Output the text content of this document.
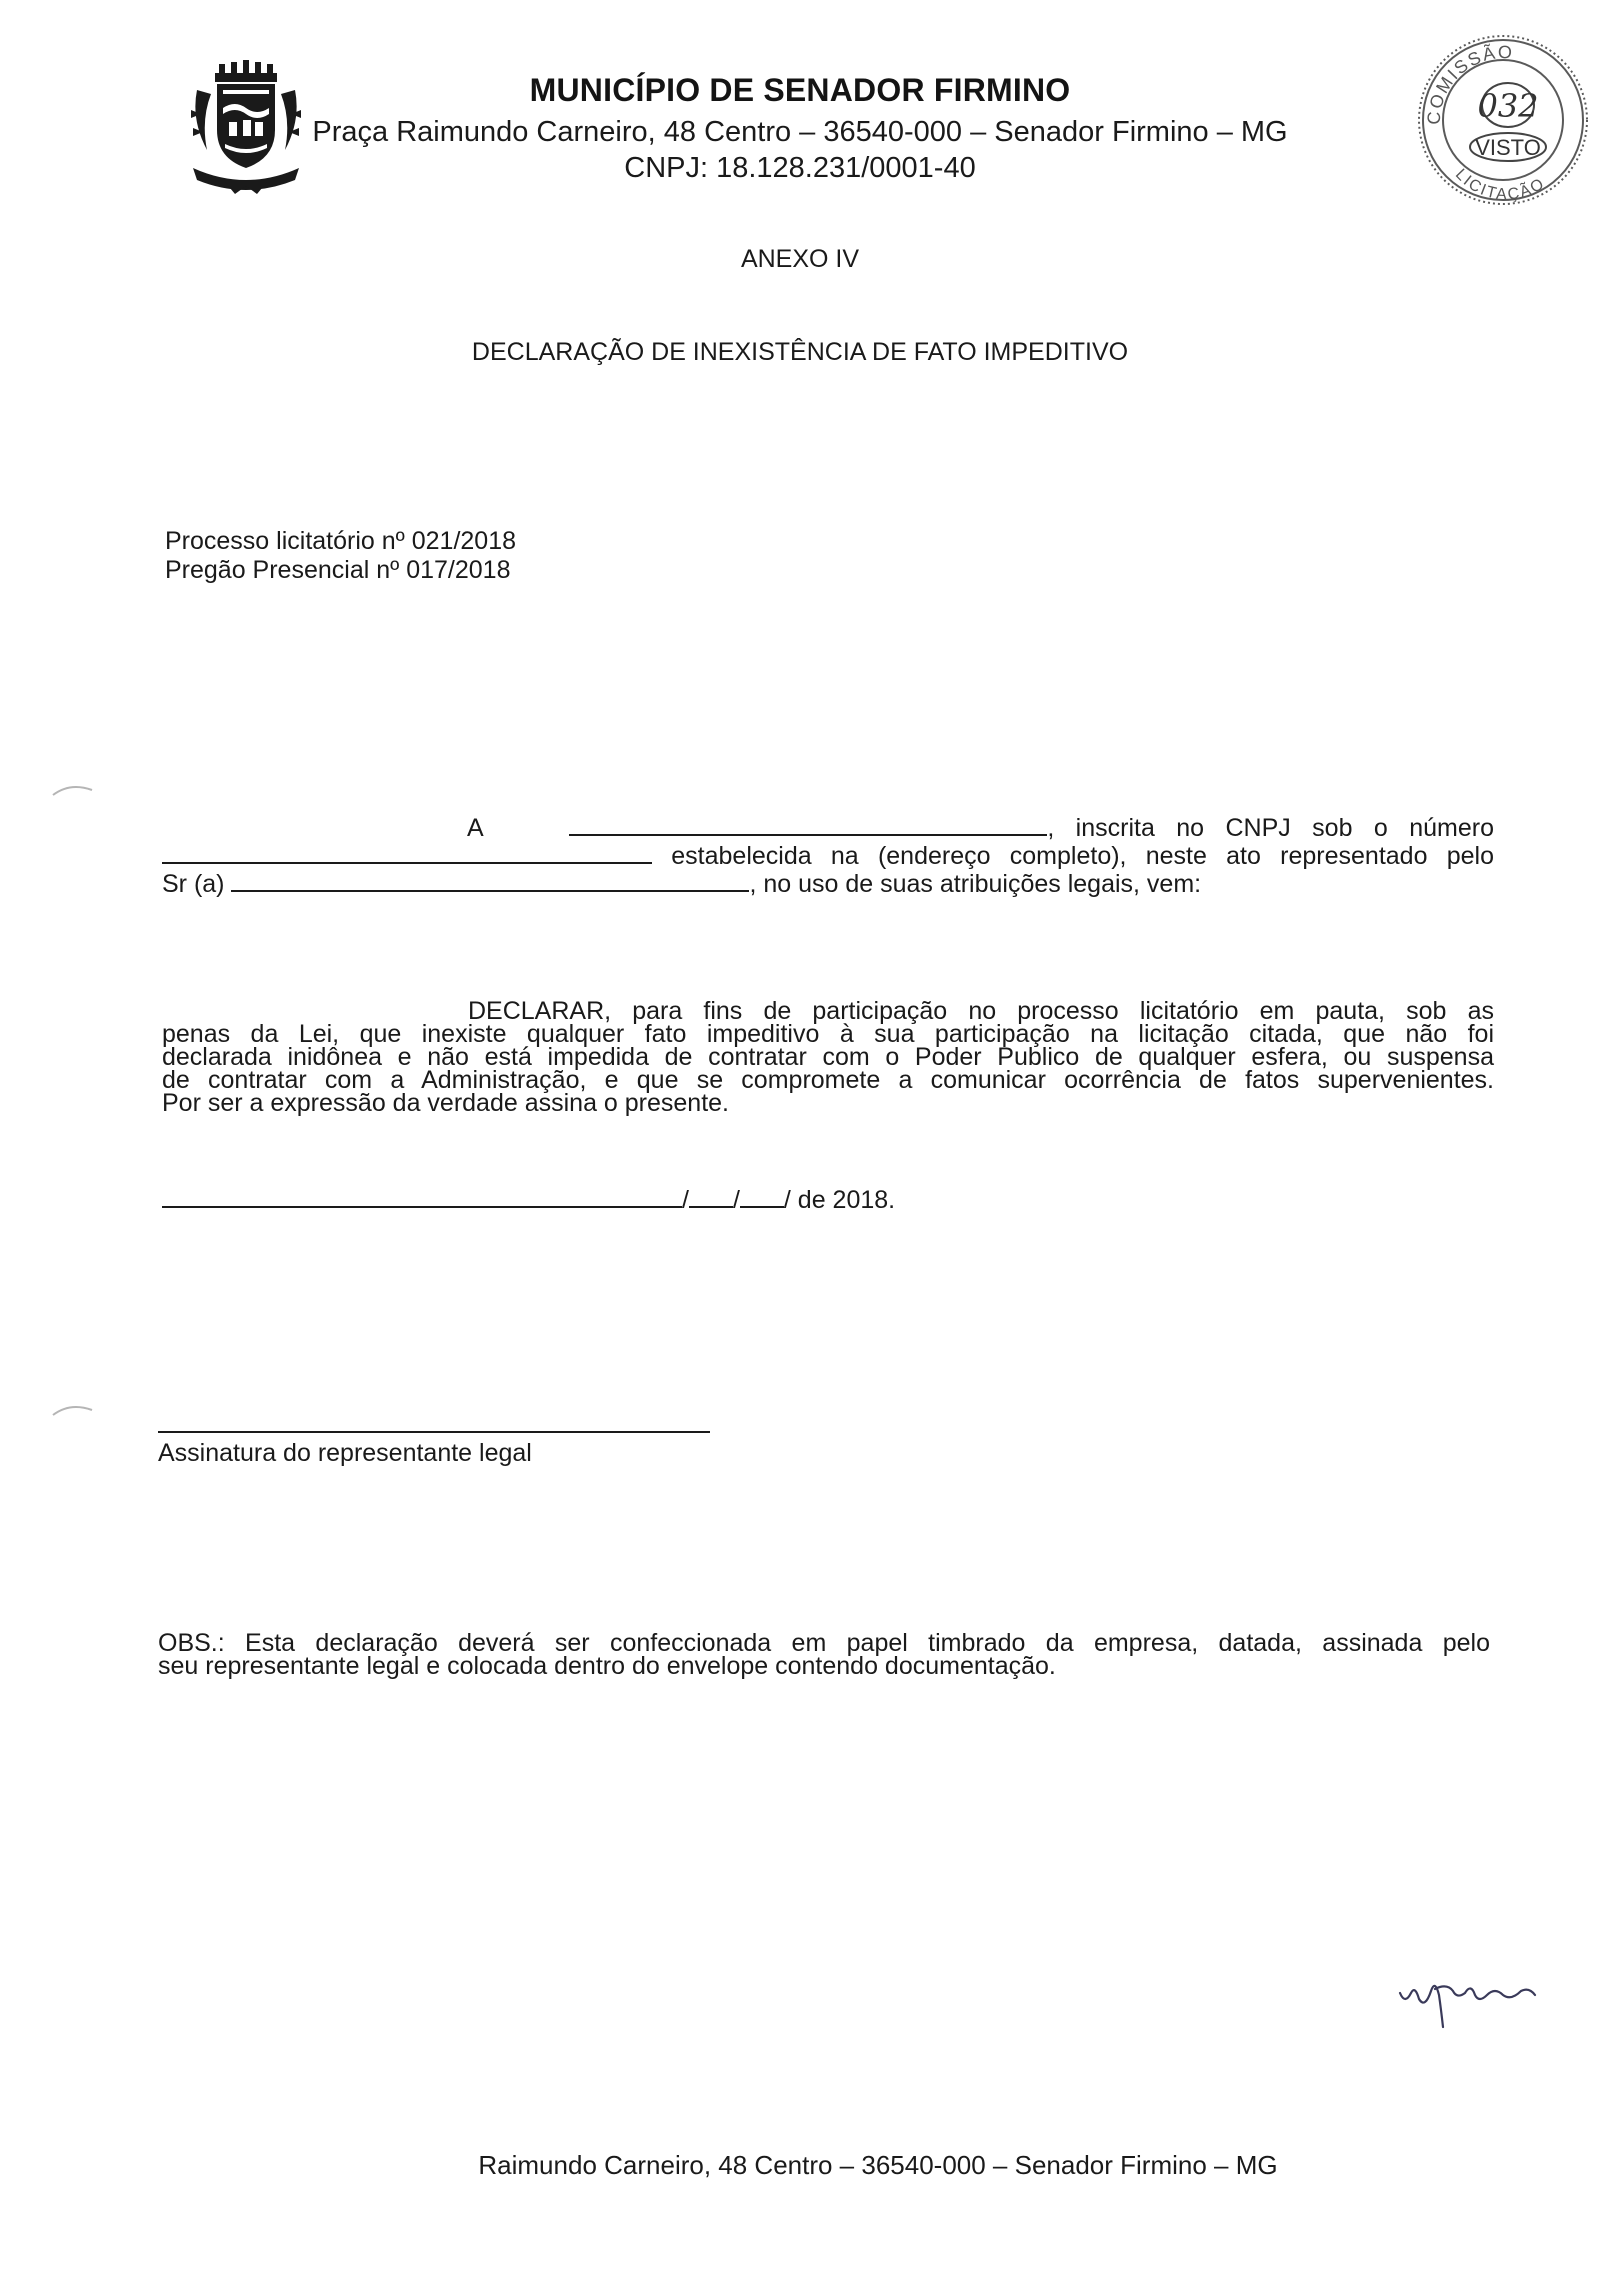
MUNICÍPIO DE SENADOR FIRMINO
Praça Raimundo Carneiro, 48 Centro – 36540-000 – Senador Firmino – MG
CNPJ: 18.128.231/0001-40
COMISSÃO
LICITAÇÃO
032
VISTO
ANEXO IV
DECLARAÇÃO DE INEXISTÊNCIA DE FATO IMPEDITIVO
Processo licitatório nº 021/2018
Pregão Presencial nº 017/2018

A	, inscrita no CNPJ sob o número

estabelecida na (endereço completo), neste ato representado pelo

Sr (a)	, no uso de suas atribuições legais, vem:

DECLARAR, para fins de participação no processo licitatório em pauta, sob as

penas da Lei, que inexiste qualquer fato impeditivo à sua participação na licitação citada, que não foi

declarada inidônea e não está impedida de contratar com o Poder Publico de qualquer esfera, ou suspensa

de contratar com a Administração, e que se compromete a comunicar ocorrência de fatos supervenientes.

Por ser a expressão da verdade assina o presente.

/ / / de 2018.
Assinatura do representante legal

OBS.: Esta declaração deverá ser confeccionada em papel timbrado da empresa, datada, assinada pelo

seu representante legal e colocada dentro do envelope contendo documentação.

Raimundo Carneiro, 48 Centro – 36540-000 – Senador Firmino – MG
